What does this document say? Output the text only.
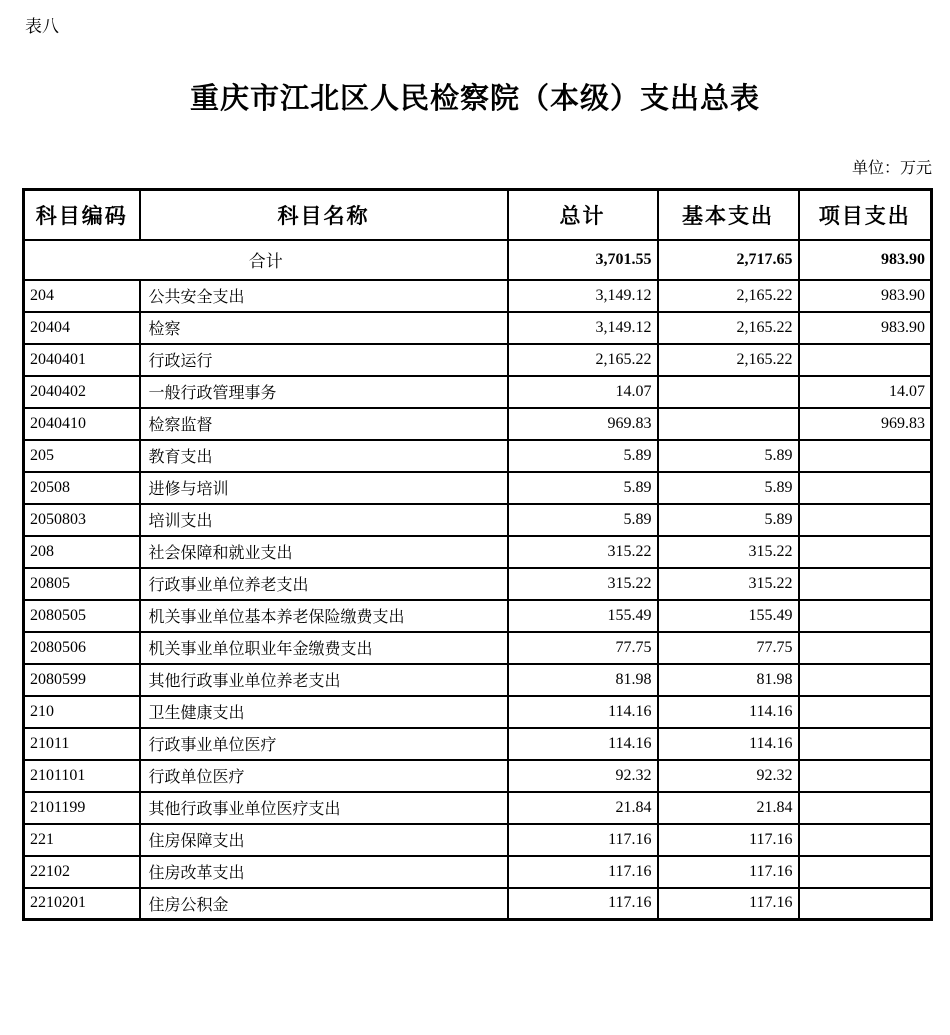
表八
重庆市江北区人民检察院（本级）支出总表
单位：万元
科目编码	科目名称	总计	基本支出	项目支出
合计		3,701.55	2,717.65	983.90
204	公共安全支出	3,149.12	2,165.22	983.90
20404	检察	3,149.12	2,165.22	983.90
2040401	行政运行	2,165.22	2,165.22	
2040402	一般行政管理事务	14.07		14.07
2040410	检察监督	969.83		969.83
205	教育支出	5.89	5.89	
20508	进修与培训	5.89	5.89	
2050803	培训支出	5.89	5.89	
208	社会保障和就业支出	315.22	315.22	
20805	行政事业单位养老支出	315.22	315.22	
2080505	机关事业单位基本养老保险缴费支出	155.49	155.49	
2080506	机关事业单位职业年金缴费支出	77.75	77.75	
2080599	其他行政事业单位养老支出	81.98	81.98	
210	卫生健康支出	114.16	114.16	
21011	行政事业单位医疗	114.16	114.16	
2101101	行政单位医疗	92.32	92.32	
2101199	其他行政事业单位医疗支出	21.84	21.84	
221	住房保障支出	117.16	117.16	
22102	住房改革支出	117.16	117.16	
2210201	住房公积金	117.16	117.16	
